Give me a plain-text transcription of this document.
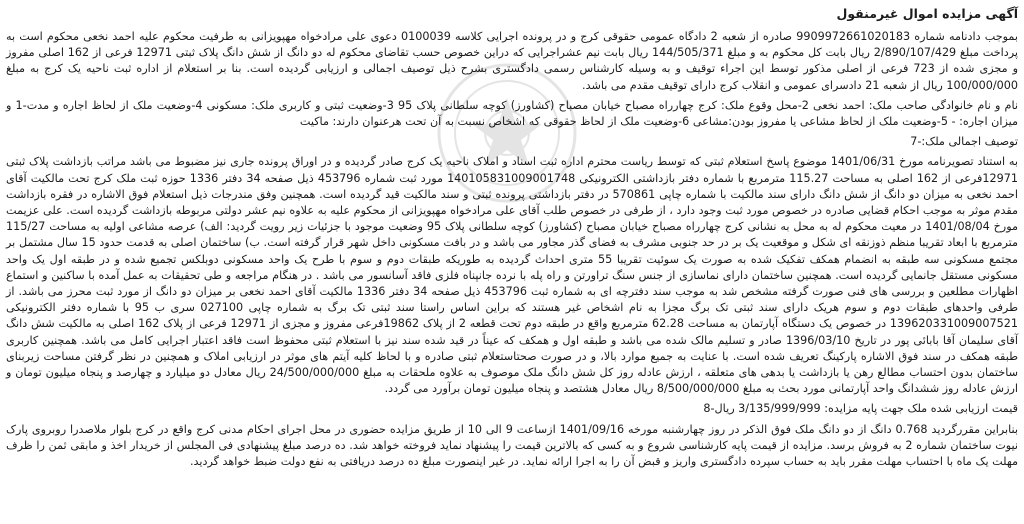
آگهی مزایده اموال غیرمنقول

بموجب دادنامه شماره 9909972661020183 صادره از شعبه 2 دادگاه عمومی حقوقی کرج و در پرونده اجرایی کلاسه 0100039 دعوی علی مرادخواه مهپویزانی به طرفیت محکوم علیه احمد نخعی محکوم است به پرداخت مبلغ 2/890/107/429 ریال بابت کل محکوم به و مبلغ 144/505/371 ریال بابت نیم عشراجرایی که دراین خصوص حسب تقاضای محکوم له دو دانگ از شش دانگ پلاک ثبتی 12971 فرعی از 162 اصلی مفروز و مجزی شده از 723 فرعی از اصلی مذکور توسط این اجراء توقیف و به وسیله کارشناس رسمی دادگستری بشرح ذیل توصیف اجمالی و ارزیابی گردیده است. بنا بر استعلام از اداره ثبت ناحیه یک کرج به مبلغ 100/000/000 ریال از شعبه 21 دادسرای عمومی و انقلاب کرج دارای توقیف مقدم می باشد.

نام و نام خانوادگی صاحب ملک: احمد نخعی 2-محل وقوع ملک: کرج چهارراه مصباح خیابان مصباح (کشاورز) کوچه سلطانی پلاک 95 3-وضعیت ثبتی و کاربری ملک: مسکونی 4-وضعیت ملک از لحاظ اجاره و مدت-1 و میزان اجاره: - 5-وضعیت ملک از لحاظ مشاعی یا مفروز بودن:مشاعی 6-وضعیت ملک از لحاظ حقوقی که اشخاص نسبت به آن تحت هرعنوان دارند: ماکیت

توصیف اجمالی ملک:-7

به استناد تصویرنامه مورخ 1401/06/31 موضوع پاسخ استعلام ثبتی که توسط ریاست محترم اداره ثبت اسناد و املاک ناحیه یک کرج صادر گردیده و در اوراق پرونده جاری نیز مضبوط می باشد مراتب بازداشت پلاک ثبتی 12971فرعی از 162 اصلی به مساحت 115.27 مترمربع با شماره دفتر بازداشتی الکترونیکی 140105831009001748 مورد ثبت شماره 453796 ذیل صفحه 34 دفتر 1336 حوزه ثبت ملک کرج تحت مالکیت آقای احمد نخعی به میزان دو دانگ از شش دانگ دارای سند مالکیت با شماره چاپی 570861 در دفتر بازداشتی پرونده ثبتی و سند مالکیت قید گردیده است. همچنین وفق مندرجات ذیل استعلام فوق الاشاره در فقره بازداشت مقدم موثر به موجب احکام قضایی صادره در خصوص مورد ثبت وجود دارد ، از طرفی در خصوص طلب آقای علی مرادخواه مهپویزانی از محکوم علیه به علاوه نیم عشر دولتی مربوطه بازداشت گردیده است. علی عزیمت مورخ 1401/08/04 در معیت محکوم له به محل به نشانی کرج چهارراه مصباح خیابان مصباح (کشاورز) کوچه سلطانی پلاک 95 وضعیت موجود با جزئیات زیر رویت گردید: الف) عرصه مشاعی اولیه به مساحت 115/27 مترمربع با ابعاد تقریبا منظم ذوزنقه ای شکل و موقعیت یک بر در حد جنوبی مشرف به فضای گذر مجاور می باشد و در بافت مسکونی داخل شهر قرار گرفته است. ب) ساختمان اصلی به قدمت حدود 15 سال مشتمل بر مجتمع مسکونی سه طبقه به انضمام همکف تفکیک شده به صورت یک سوئیت تقریبا 55 متری احداث گردیده به طوریکه طبقات دوم و سوم با طرح یک واحد مسکونی دوبلکس تجمیع شده و در طبقه اول یک واحد مسکونی مستقل جانمایی گردیده است. همچنین ساختمان دارای نماسازی از جنس سنگ تراورتن و راه پله با نرده جانپناه فلزی فاقد آسانسور می باشد . در هنگام مراجعه و طی تحقیقات به عمل آمده با ساکنین و استماع اظهارات مطلعین و بررسی های فنی صورت گرفته مشخص شد به موجب سند دفترچه ای به شماره ثبت 453796 ذیل صفحه 34 دفتر 1336 مالکیت آقای احمد نخعی بر میزان دو دانگ از مورد ثبت محرز می باشد. از طرفی واحدهای طبقات دوم و سوم هریک دارای سند ثبتی تک برگ مجزا به نام اشخاص غیر هستند که براین اساس راستا سند ثبتی تک برگ به شماره چاپی 027100 سری ب 95 با شماره دفتر الکترونیکی 139620331009007521 در خصوص یک دستگاه آپارتمان به مساحت 62.28 مترمربع واقع در طبقه دوم تحت قطعه 2 از پلاک 19862فرعی مفروز و مجزی از 12971 فرعی از پلاک 162 اصلی به مالکیت شش دانگ آقای سلیمان آقا بابائی پور در تاریخ 1396/03/10 صادر و تسلیم مالک شده می باشد و طبقه اول و همکف که عیناً در قید شده سند نیز با استعلام ثبتی محفوظ است فاقد اعتبار اجرایی کامل می باشد. همچنین کاربری طبقه همکف در سند فوق الاشاره پارکینگ تعریف شده است. با عنایت به جمیع موارد بالا، و در صورت صحتاستعلام ثبتی صادره و با لحاظ کلیه آیتم های موثر در ارزیابی املاک و همچنین در نظر گرفتن مساحت زیربنای ساختمان بدون احتساب مطالع رهن یا بازداشت یا بدهی های متعلقه ، ارزش عادله روز کل شش دانگ ملک موصوف به علاوه ملحقات به مبلغ 24/500/000/000 ریال معادل دو میلیارد و چهارصد و پنجاه میلیون تومان و ارزش عادله روز ششدانگ واحد آپارتمانی مورد بحث به مبلغ 8/500/000/000 ریال معادل هشتصد و پنجاه میلیون تومان برآورد می گردد.

قیمت ارزیابی شده ملک جهت پایه مزایده: 3/135/999/999 ریال-8

بنابراین مقررگردید 0.768 دانگ از دو دانگ ملک فوق الذکر در روز چهارشنبه مورخه 1401/09/16 ازساعت 9 الی 10 از طریق مزایده حضوری در محل اجرای احکام مدنی کرج واقع در کرج بلوار ملاصدرا روبروی پارک نیوت ساختمان شماره 2 به فروش برسد. مزایده از قیمت پایه کارشناسی شروع و به کسی که بالاترین قیمت را پیشنهاد نماید فروخته خواهد شد. ده درصد مبلغ پیشنهادی فی المجلس از خریدار اخذ و مابقی ثمن را ظرف مهلت یک ماه با احتساب مهلت مقرر باید به حساب سپرده دادگستری واریز و قبض آن را به اجرا ارائه نماید. در غیر اینصورت مبلغ ده درصد دریافتی به نفع دولت ضبط خواهد گردید.
